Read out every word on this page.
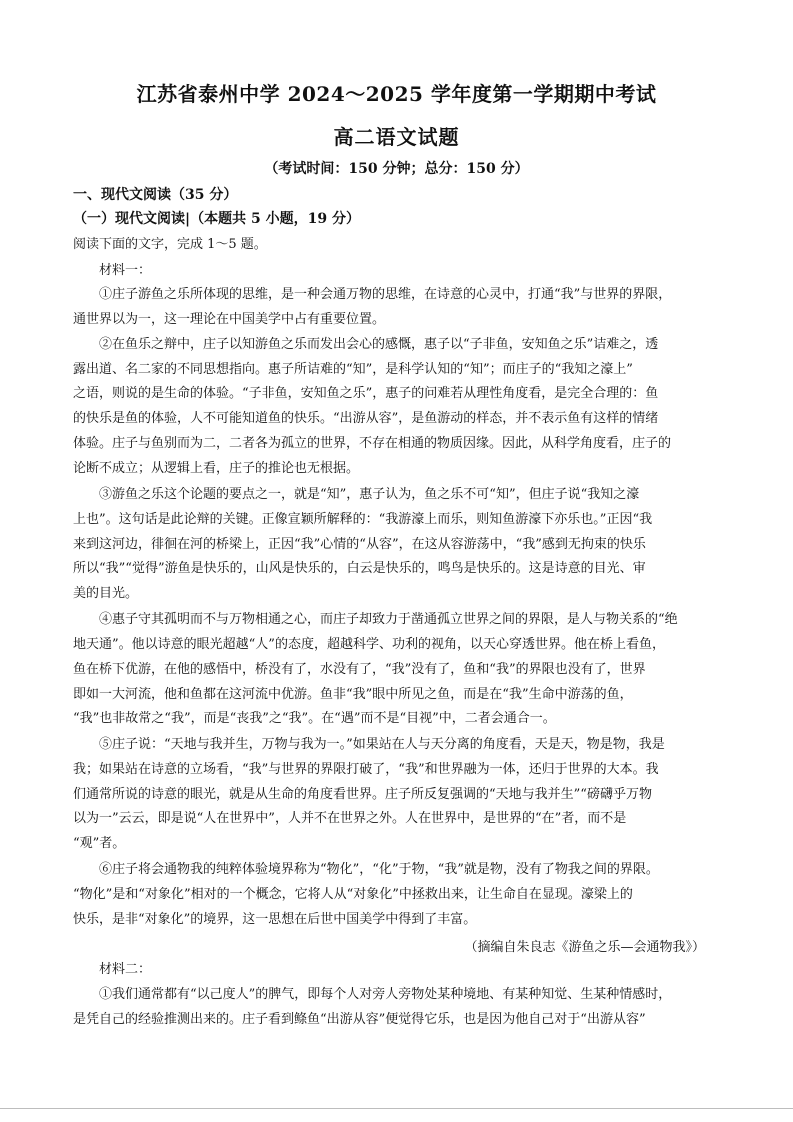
江苏省泰州中学 2024～2025 学年度第一学期期中考试
高二语文试题
（考试时间：150 分钟；总分：150 分）
一、现代文阅读（35 分）
（一）现代文阅读|（本题共 5 小题，19 分）
阅读下面的文字，完成 1～5 题。
材料一：
①庄子游鱼之乐所体现的思维，是一种会通万物的思维，在诗意的心灵中，打通“我”与世界的界限，
通世界以为一，这一理论在中国美学中占有重要位置。
②在鱼乐之辩中，庄子以知游鱼之乐而发出会心的感慨，惠子以“子非鱼，安知鱼之乐”诘难之，透
露出道、名二家的不同思想指向。惠子所诘难的“知”，是科学认知的“知”；而庄子的“我知之濠上”
之语，则说的是生命的体验。“子非鱼，安知鱼之乐”，惠子的问难若从理性角度看，是完全合理的：鱼
的快乐是鱼的体验，人不可能知道鱼的快乐。“出游从容”，是鱼游动的样态，并不表示鱼有这样的情绪
体验。庄子与鱼别而为二，二者各为孤立的世界，不存在相通的物质因缘。因此，从科学角度看，庄子的
论断不成立；从逻辑上看，庄子的推论也无根据。
③游鱼之乐这个论题的要点之一，就是“知”，惠子认为，鱼之乐不可“知”，但庄子说“我知之濠
上也”。这句话是此论辩的关键。正像宣颖所解释的：“我游濠上而乐，则知鱼游濠下亦乐也。”正因“我
来到这河边，徘徊在河的桥梁上，正因“我”心情的“从容”，在这从容游荡中，“我”感到无拘束的快乐
所以“我”“觉得”游鱼是快乐的，山风是快乐的，白云是快乐的，鸣鸟是快乐的。这是诗意的目光、审
美的目光。
④惠子守其孤明而不与万物相通之心，而庄子却致力于凿通孤立世界之间的界限，是人与物关系的“绝
地天通”。他以诗意的眼光超越“人”的态度，超越科学、功利的视角，以天心穿透世界。他在桥上看鱼，
鱼在桥下优游，在他的感悟中，桥没有了，水没有了，“我”没有了，鱼和“我”的界限也没有了，世界
即如一大河流，他和鱼都在这河流中优游。鱼非“我”眼中所见之鱼，而是在“我”生命中游荡的鱼，
“我”也非故常之“我”，而是“丧我”之“我”。在“遇”而不是“目视”中，二者会通合一。
⑤庄子说：“天地与我并生，万物与我为一。”如果站在人与天分离的角度看，天是天，物是物，我是
我；如果站在诗意的立场看，“我”与世界的界限打破了，“我”和世界融为一体，还归于世界的大本。我
们通常所说的诗意的眼光，就是从生命的角度看世界。庄子所反复强调的“天地与我并生”“磅礴乎万物
以为一”云云，即是说“人在世界中”，人并不在世界之外。人在世界中，是世界的“在”者，而不是
“观”者。
⑥庄子将会通物我的纯粹体验境界称为“物化”，“化”于物，“我”就是物，没有了物我之间的界限。
“物化”是和“对象化”相对的一个概念，它将人从“对象化”中拯救出来，让生命自在显现。濠梁上的
快乐，是非“对象化”的境界，这一思想在后世中国美学中得到了丰富。
（摘编自朱良志《游鱼之乐—会通物我》）
材料二：
①我们通常都有“以己度人”的脾气，即每个人对旁人旁物处某种境地、有某种知觉、生某种情感时，
是凭自己的经验推测出来的。庄子看到鲦鱼“出游从容”便觉得它乐，也是因为他自己对于“出游从容”
